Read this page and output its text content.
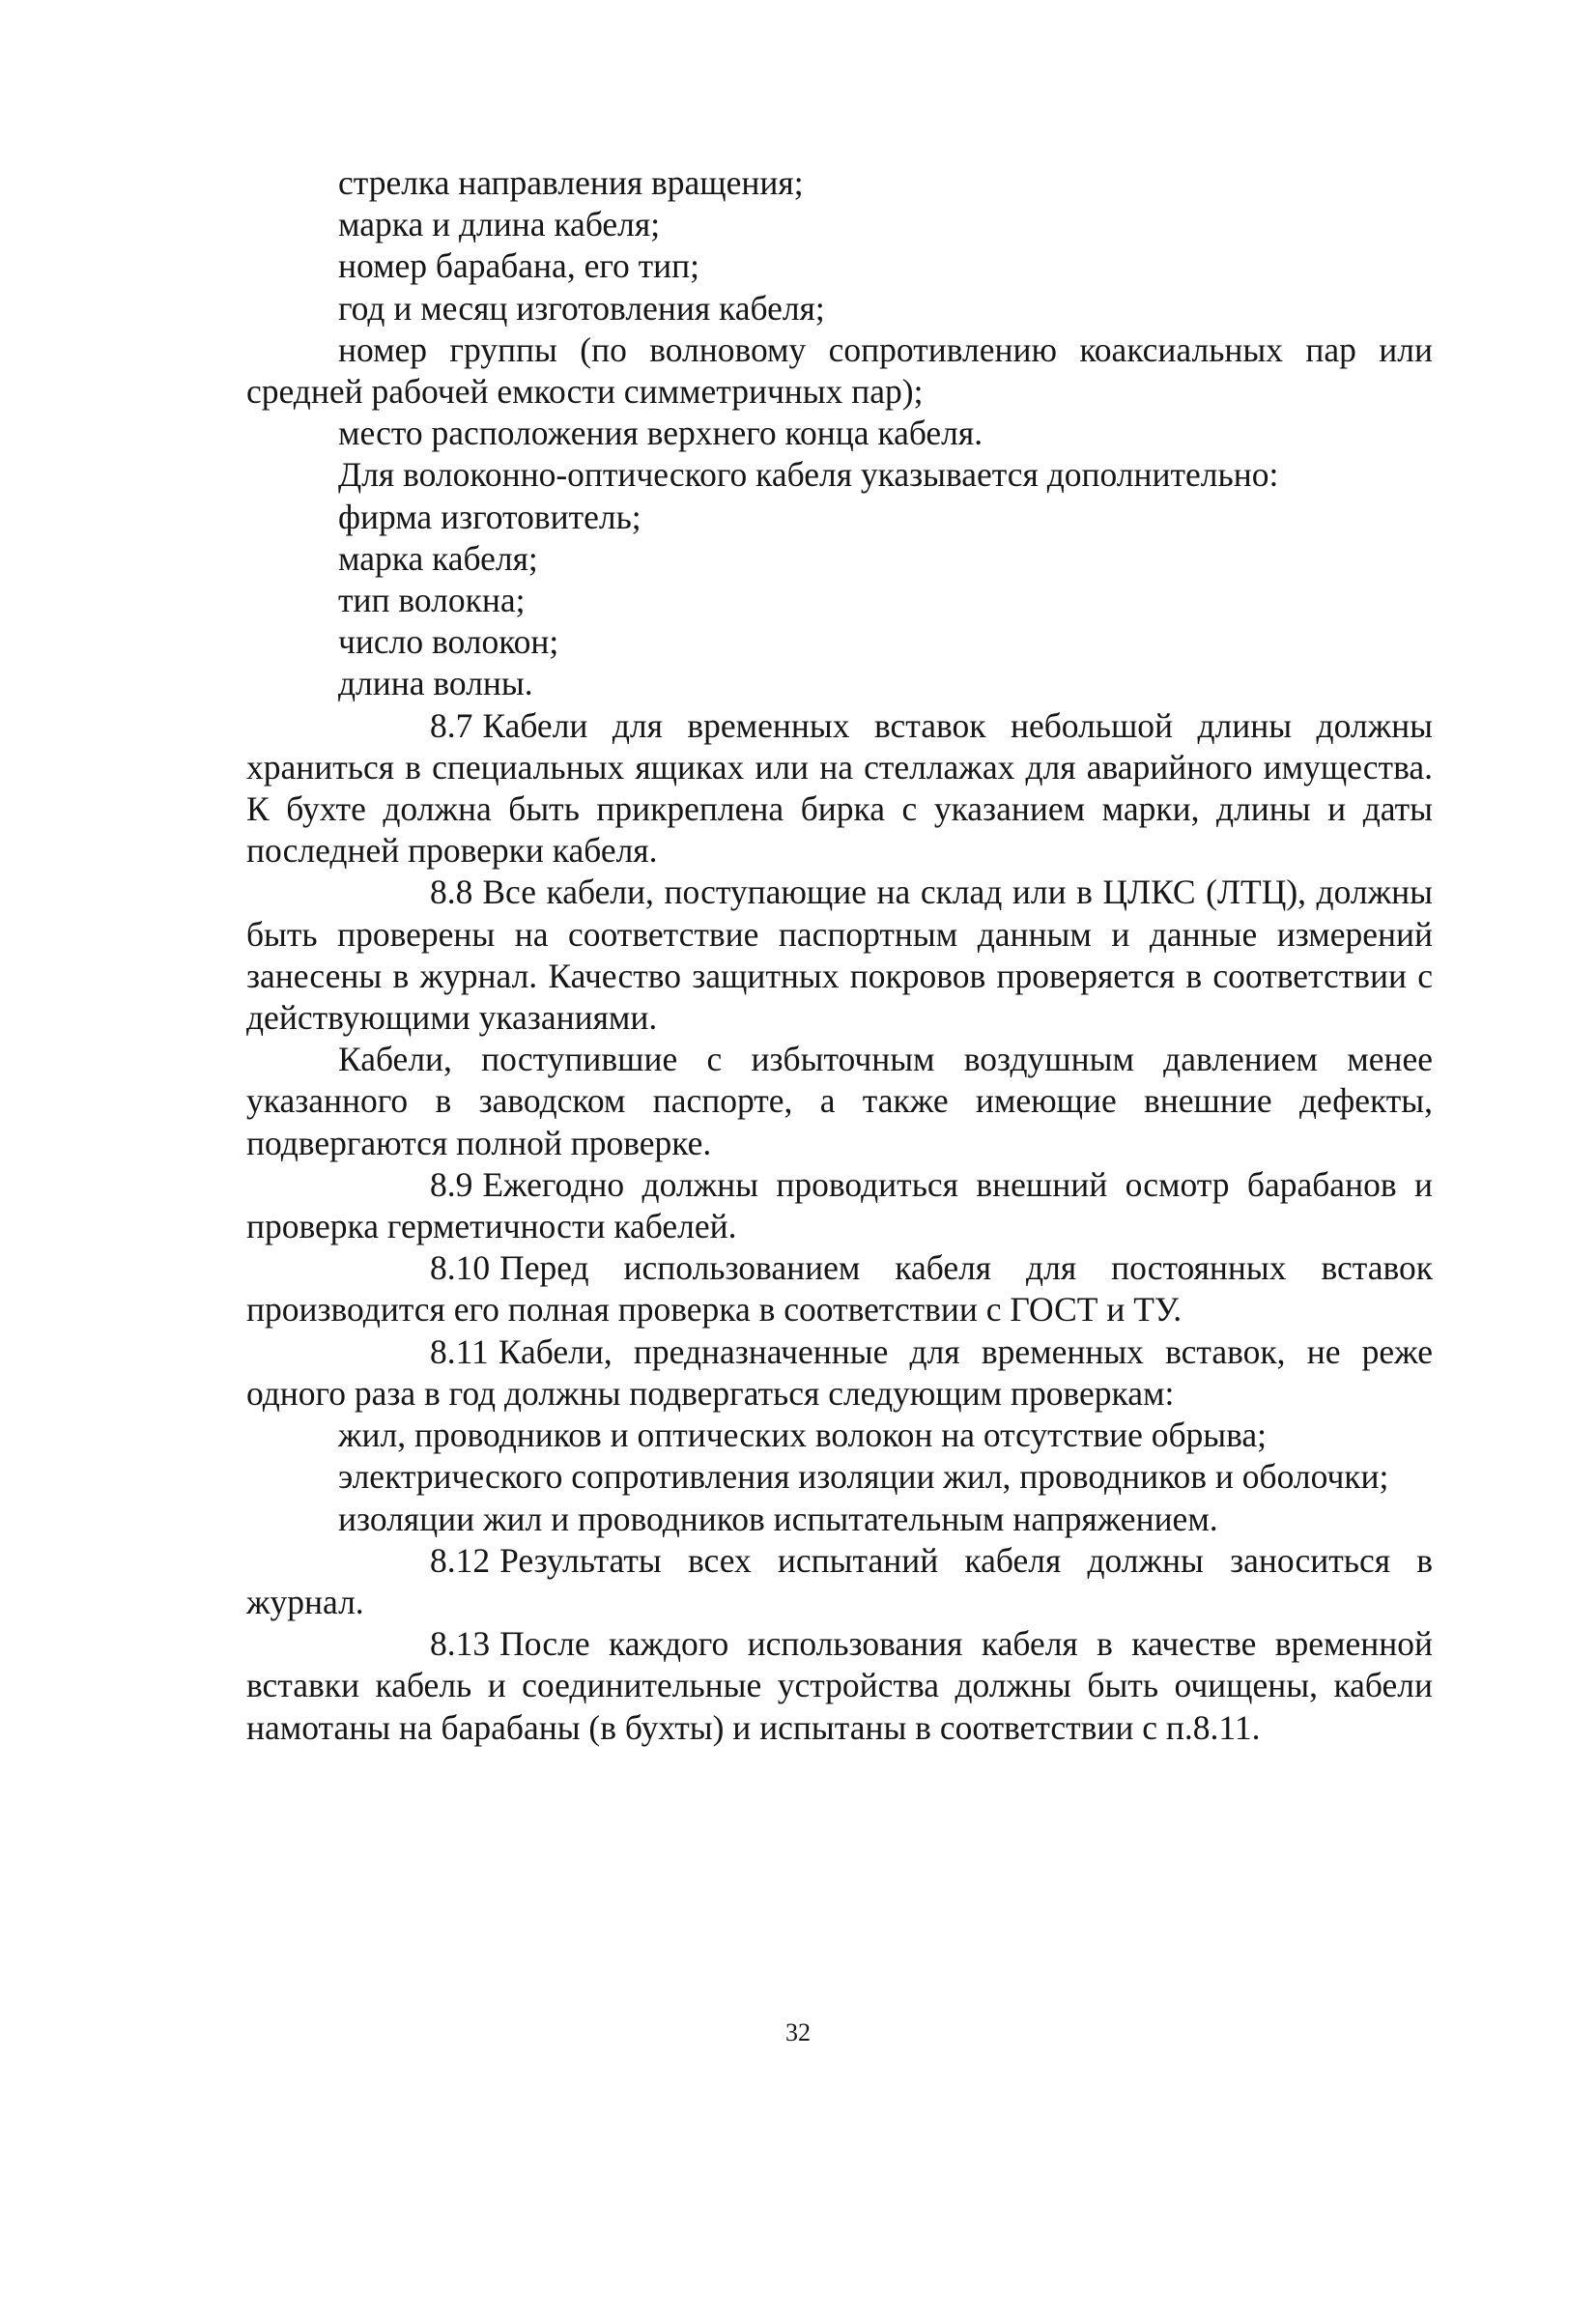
стрелка направления вращения;

марка и длина кабеля;

номер барабана, его тип;

год и месяц изготовления кабеля;

номер группы (по волновому сопротивлению коаксиальных пар или средней рабочей емкости симметричных пар);

место расположения верхнего конца кабеля.

Для волоконно-оптического кабеля указывается дополнительно:

фирма изготовитель;

марка кабеля;

тип волокна;

число волокон;

длина волны.

8.7 Кабели для временных вставок небольшой длины должны храниться в специальных ящиках или на стеллажах для аварийного имущества. К бухте должна быть прикреплена бирка с указанием марки, длины и даты последней проверки кабеля.

8.8 Все кабели, поступающие на склад или в ЦЛКС (ЛТЦ), должны быть проверены на соответствие паспортным данным и данные измерений занесены в журнал. Качество защитных покровов проверяется в соответствии с действующими указаниями.

Кабели, поступившие с избыточным воздушным давлением менее указанного в заводском паспорте, а также имеющие внешние дефекты, подвергаются полной проверке.

8.9 Ежегодно должны проводиться внешний осмотр барабанов и проверка герметичности кабелей.

8.10 Перед использованием кабеля для постоянных вставок производится его полная проверка в соответствии с ГОСТ и ТУ.

8.11 Кабели, предназначенные для временных вставок, не реже одного раза в год должны подвергаться следующим проверкам:

жил, проводников и оптических волокон на отсутствие обрыва;

электрического сопротивления изоляции жил, проводников и оболочки;

изоляции жил и проводников испытательным напряжением.

8.12 Результаты всех испытаний кабеля должны заноситься в журнал.

8.13 После каждого использования кабеля в качестве временной вставки кабель и соединительные устройства должны быть очищены, кабели намотаны на барабаны (в бухты) и испытаны в соответствии с п.8.11.

32
